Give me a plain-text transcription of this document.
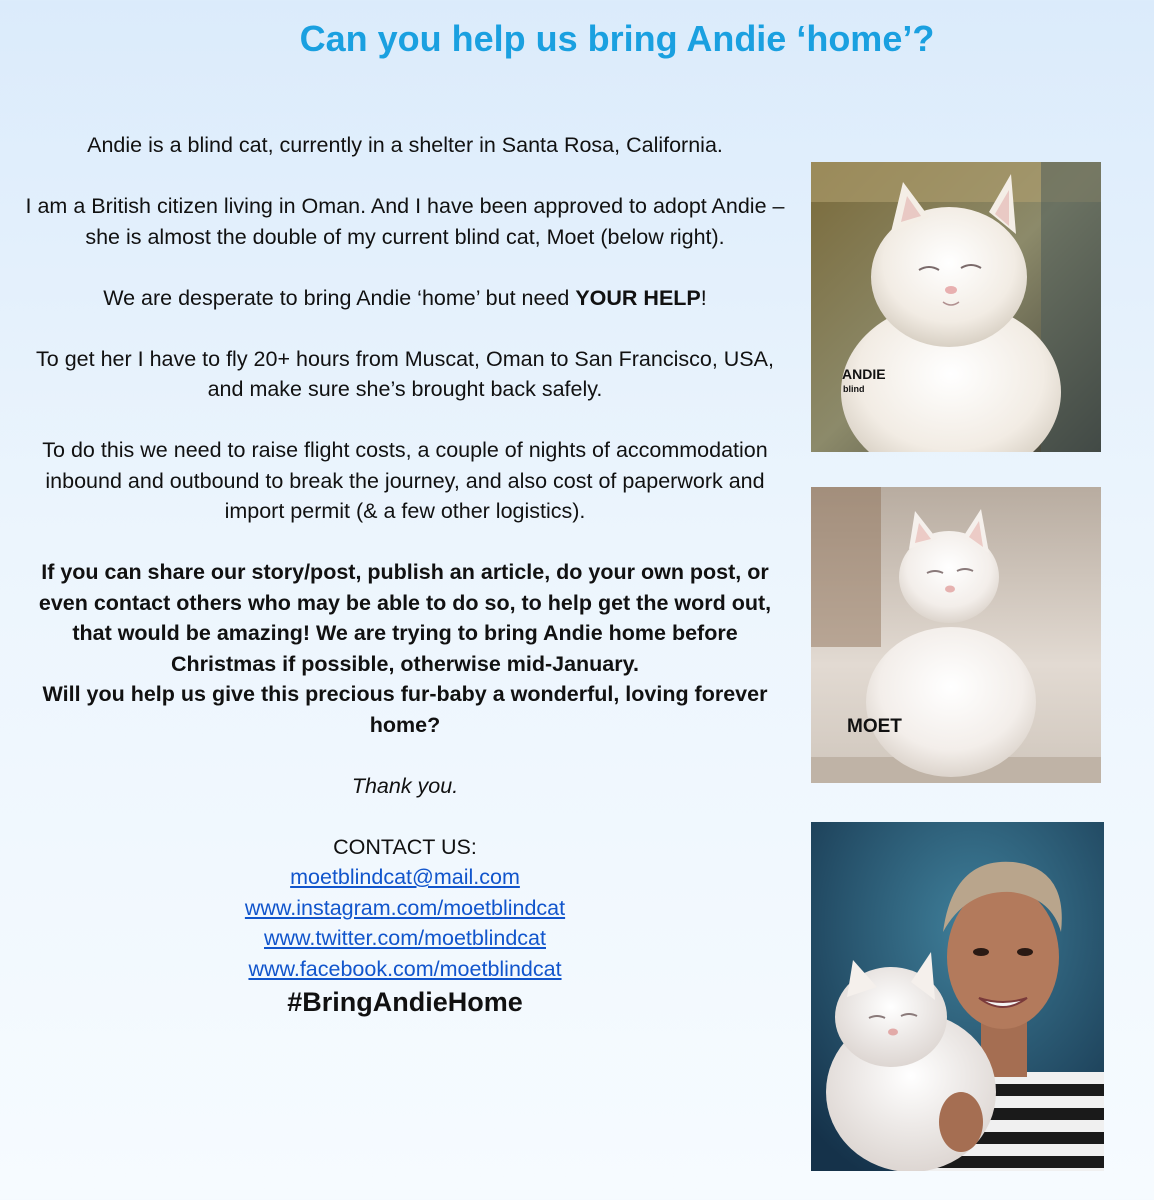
Can you help us bring Andie ‘home’?

Andie is a blind cat, currently in a shelter in Santa Rosa, California.

I am a British citizen living in Oman. And I have been approved to adopt Andie – she is almost the double of my current blind cat, Moet (below right).

We are desperate to bring Andie ‘home’ but need YOUR HELP!

To get her I have to fly 20+ hours from Muscat, Oman to San Francisco, USA, and make sure she’s brought back safely.

To do this we need to raise flight costs, a couple of nights of accommodation inbound and outbound to break the journey, and also cost of paperwork and import permit (& a few other logistics).

If you can share our story/post, publish an article, do your own post, or even contact others who may be able to do so, to help get the word out, that would be amazing! We are trying to bring Andie home before Christmas if possible, otherwise mid-January.

Will you help us give this precious fur-baby a wonderful, loving forever home?

Thank you.

CONTACT US:

moetblindcat@mail.com
www.instagram.com/moetblindcat
www.twitter.com/moetblindcat
www.facebook.com/moetblindcat

#BringAndieHome

ANDIE
blind
MOET
